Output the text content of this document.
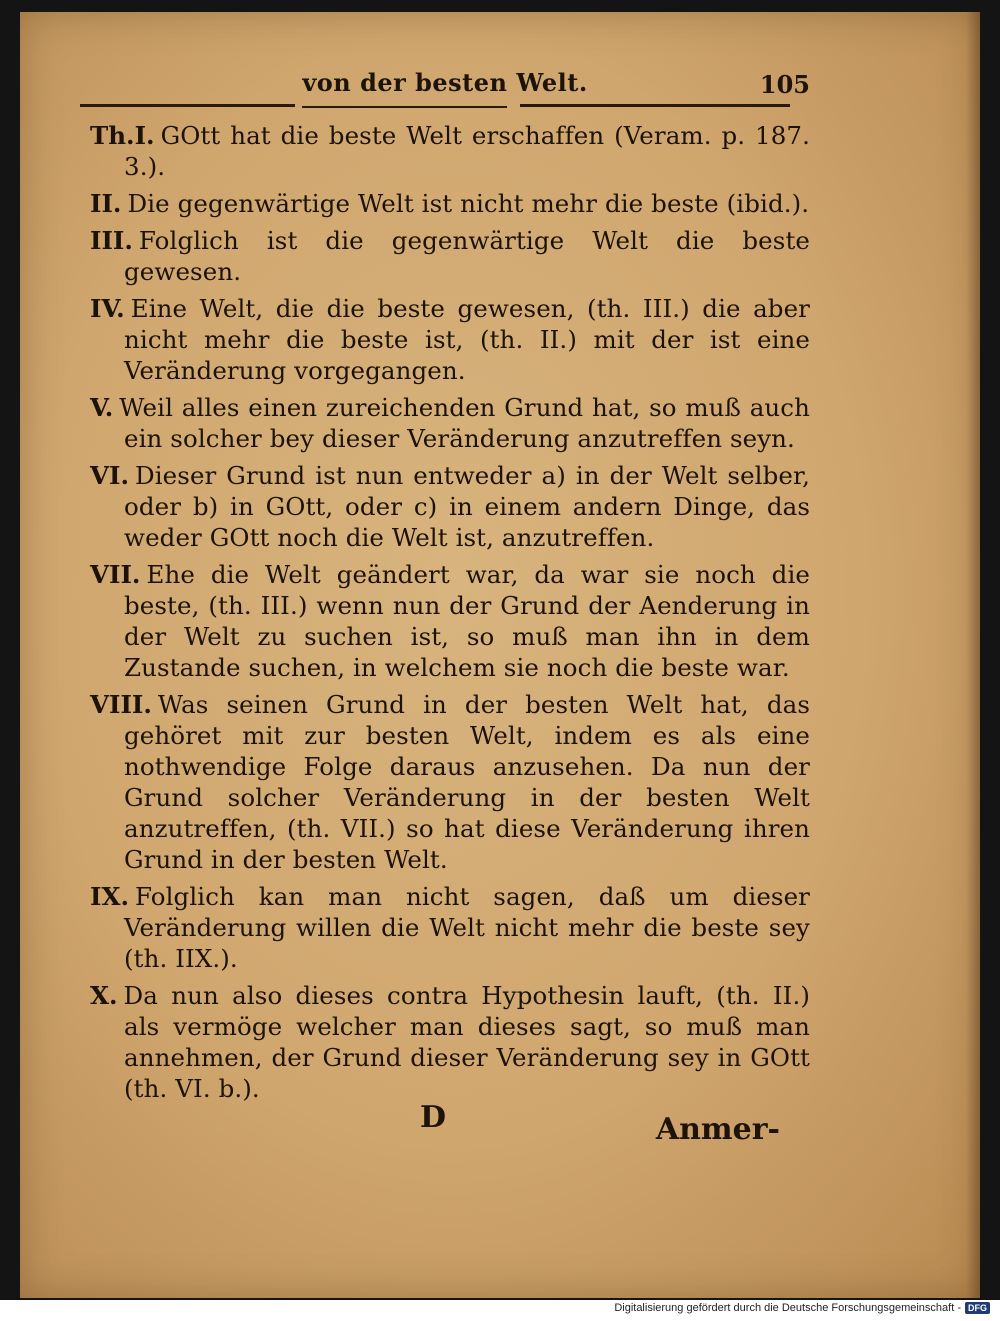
von der besten Welt.	105

Th.I. GOtt hat die beste Welt erschaffen (Veram. p. 187. 3.).

II. Die gegenwärtige Welt ist nicht mehr die beste (ibid.).

III. Folglich ist die gegenwärtige Welt die beste gewesen.

IV. Eine Welt, die die beste gewesen, (th. III.) die aber nicht mehr die beste ist, (th. II.) mit der ist eine Veränderung vorgegangen.

V. Weil alles einen zureichenden Grund hat, so muß auch ein solcher bey dieser Veränderung anzutreffen seyn.

VI. Dieser Grund ist nun entweder a) in der Welt selber, oder b) in GOtt, oder c) in einem andern Dinge, das weder GOtt noch die Welt ist, anzutreffen.

VII. Ehe die Welt geändert war, da war sie noch die beste, (th. III.) wenn nun der Grund der Aenderung in der Welt zu suchen ist, so muß man ihn in dem Zustande suchen, in welchem sie noch die beste war.

VIII. Was seinen Grund in der besten Welt hat, das gehöret mit zur besten Welt, indem es als eine nothwendige Folge daraus anzusehen. Da nun der Grund solcher Veränderung in der besten Welt anzutreffen, (th. VII.) so hat diese Veränderung ihren Grund in der besten Welt.

IX. Folglich kan man nicht sagen, daß um dieser Veränderung willen die Welt nicht mehr die beste sey (th. IIX.).

X. Da nun also dieses contra Hypothesin lauft, (th. II.) als vermöge welcher man dieses sagt, so muß man annehmen, der Grund dieser Veränderung sey in GOtt (th. VI. b.).

D	Anmer-
Digitalisierung gefördert durch die Deutsche Forschungsgemeinschaft - DFG
